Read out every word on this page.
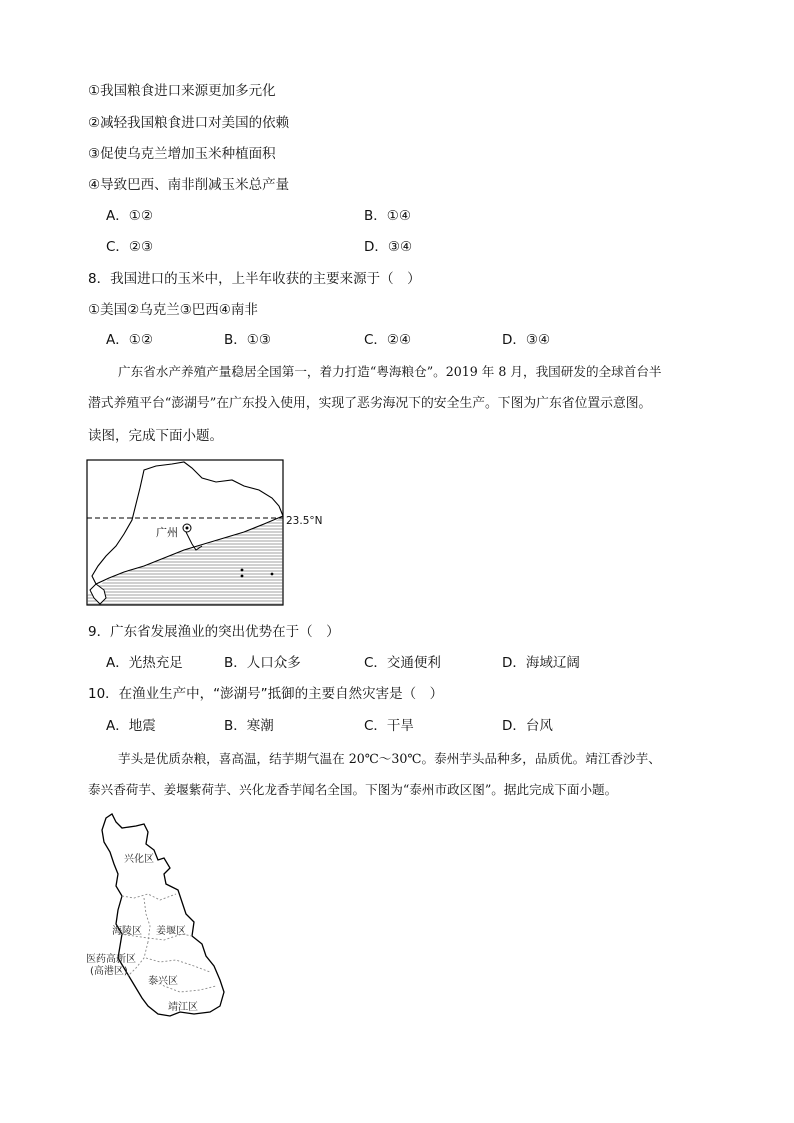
①我国粮食进口来源更加多元化
②减轻我国粮食进口对美国的依赖
③促使乌克兰增加玉米种植面积
④导致巴西、南非削减玉米总产量
A．①②	B．①④
C．②③	D．③④
8．我国进口的玉米中，上半年收获的主要来源于（　）
①美国②乌克兰③巴西④南非
A．①②	B．①③	C．②④	D．③④
广东省水产养殖产量稳居全国第一，着力打造“粤海粮仓”。2019 年 8 月，我国研发的全球首台半
潜式养殖平台“澎湖号”在广东投入使用，实现了恶劣海况下的安全生产。下图为广东省位置示意图。
读图，完成下面小题。
广州
23.5°N
9．广东省发展渔业的突出优势在于（　）
A．光热充足	B．人口众多	C．交通便利	D．海域辽阔
10．在渔业生产中，“澎湖号”抵御的主要自然灾害是（　）
A．地震	B．寒潮	C．干旱	D．台风
芋头是优质杂粮，喜高温，结芋期气温在 20℃～30℃。泰州芋头品种多，品质优。靖江香沙芋、
泰兴香荷芋、姜堰紫荷芋、兴化龙香芋闻名全国。下图为“泰州市政区图”。据此完成下面小题。
兴化区
海陵区 姜堰区
医药高新区
(高港区)
泰兴区
靖江区
